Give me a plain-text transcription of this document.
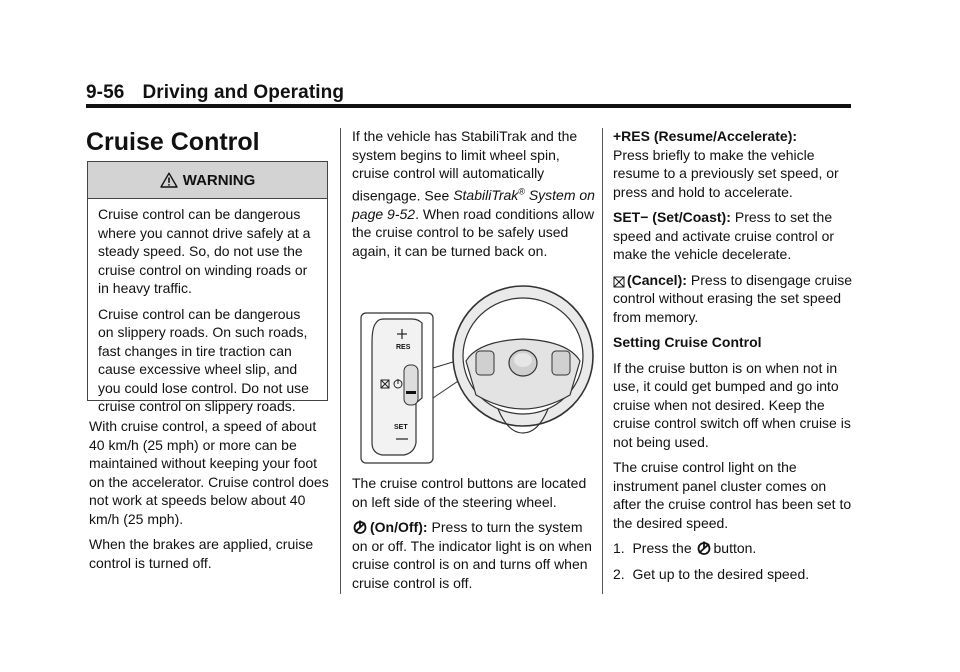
9-56 Driving and Operating
Cruise Control
WARNING

Cruise control can be dangerous where you cannot drive safely at a steady speed. So, do not use the cruise control on winding roads or in heavy traffic.

Cruise control can be dangerous on slippery roads. On such roads, fast changes in tire traction can cause excessive wheel slip, and you could lose control. Do not use cruise control on slippery roads.

With cruise control, a speed of about 40 km/h (25 mph) or more can be maintained without keeping your foot on the accelerator. Cruise control does not work at speeds below about 40 km/h (25 mph).

When the brakes are applied, cruise control is turned off.

If the vehicle has StabiliTrak and the system begins to limit wheel spin, cruise control will automatically disengage. See StabiliTrak® System on page 9-52. When road conditions allow the cruise control to be safely used again, it can be turned back on.

RES
SET

The cruise control buttons are located on left side of the steering wheel.

(On/Off): Press to turn the system on or off. The indicator light is on when cruise control is on and turns off when cruise control is off.

+RES (Resume/Accelerate):
Press briefly to make the vehicle resume to a previously set speed, or press and hold to accelerate.

SET− (Set/Coast): Press to set the speed and activate cruise control or make the vehicle decelerate.

(Cancel): Press to disengage cruise control without erasing the set speed from memory.

Setting Cruise Control

If the cruise button is on when not in use, it could get bumped and go into cruise when not desired. Keep the cruise control switch off when cruise is not being used.

The cruise control light on the instrument panel cluster comes on after the cruise control has been set to the desired speed.

1. Press the button.

2. Get up to the desired speed.
